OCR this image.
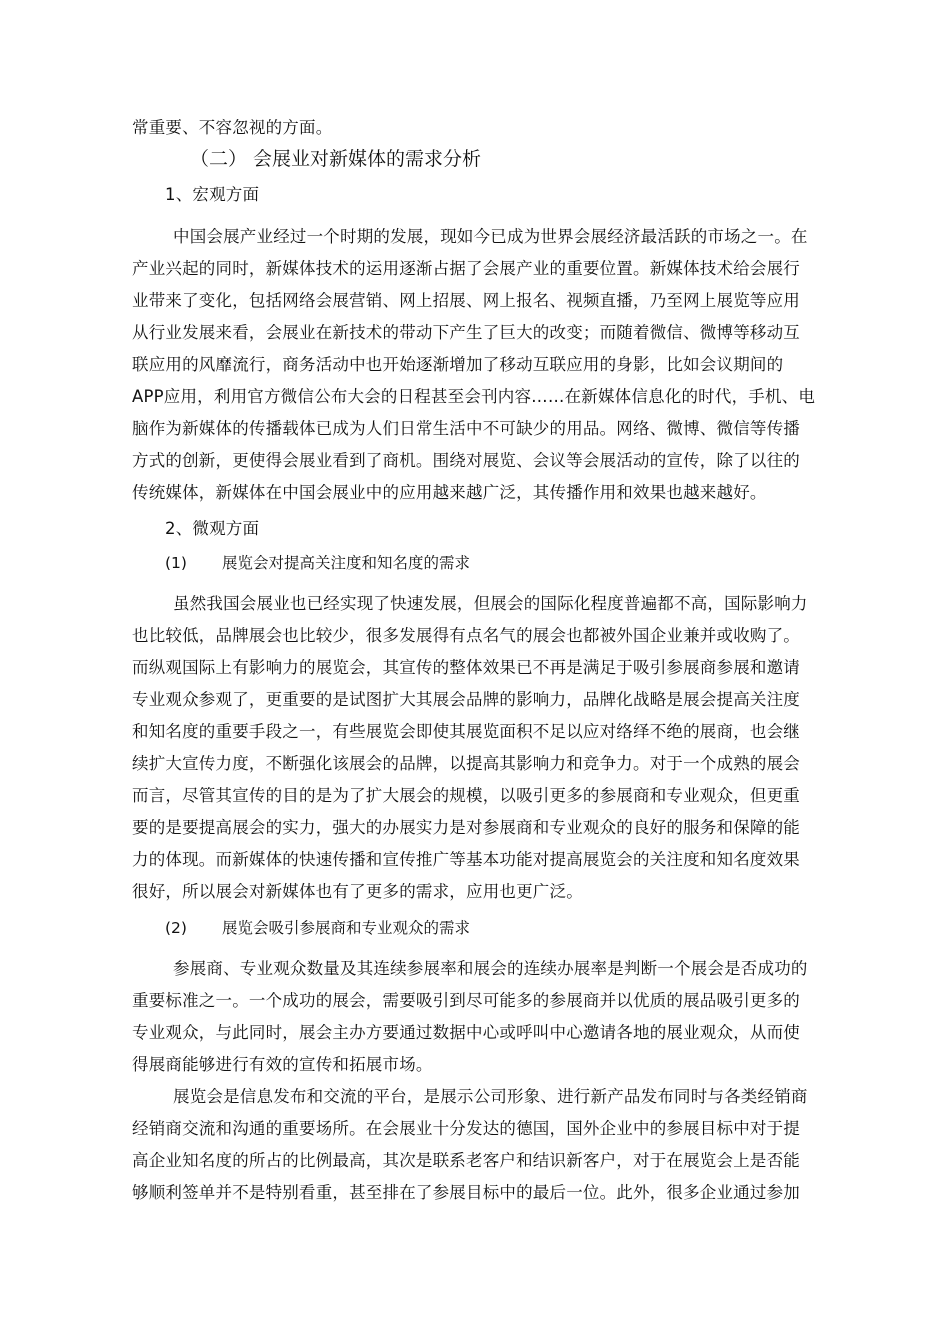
常重要、不容忽视的方面。
（二） 会展业对新媒体的需求分析
1、宏观方面
中国会展产业经过一个时期的发展，现如今已成为世界会展经济最活跃的市场之一。在
产业兴起的同时，新媒体技术的运用逐渐占据了会展产业的重要位置。新媒体技术给会展行
业带来了变化，包括网络会展营销、网上招展、网上报名、视频直播，乃至网上展览等应用
从行业发展来看，会展业在新技术的带动下产生了巨大的改变；而随着微信、微博等移动互
联应用的风靡流行，商务活动中也开始逐渐增加了移动互联应用的身影，比如会议期间的
APP应用，利用官方微信公布大会的日程甚至会刊内容……在新媒体信息化的时代，手机、电
脑作为新媒体的传播载体已成为人们日常生活中不可缺少的用品。网络、微博、微信等传播
方式的创新，更使得会展业看到了商机。围绕对展览、会议等会展活动的宣传，除了以往的
传统媒体，新媒体在中国会展业中的应用越来越广泛，其传播作用和效果也越来越好。
2、微观方面
(1) 展览会对提高关注度和知名度的需求
虽然我国会展业也已经实现了快速发展，但展会的国际化程度普遍都不高，国际影响力
也比较低，品牌展会也比较少，很多发展得有点名气的展会也都被外国企业兼并或收购了。
而纵观国际上有影响力的展览会，其宣传的整体效果已不再是满足于吸引参展商参展和邀请
专业观众参观了，更重要的是试图扩大其展会品牌的影响力，品牌化战略是展会提高关注度
和知名度的重要手段之一，有些展览会即使其展览面积不足以应对络绎不绝的展商，也会继
续扩大宣传力度，不断强化该展会的品牌，以提高其影响力和竞争力。对于一个成熟的展会
而言，尽管其宣传的目的是为了扩大展会的规模，以吸引更多的参展商和专业观众，但更重
要的是要提高展会的实力，强大的办展实力是对参展商和专业观众的良好的服务和保障的能
力的体现。而新媒体的快速传播和宣传推广等基本功能对提高展览会的关注度和知名度效果
很好，所以展会对新媒体也有了更多的需求，应用也更广泛。
(2) 展览会吸引参展商和专业观众的需求
参展商、专业观众数量及其连续参展率和展会的连续办展率是判断一个展会是否成功的
重要标准之一。一个成功的展会，需要吸引到尽可能多的参展商并以优质的展品吸引更多的
专业观众，与此同时，展会主办方要通过数据中心或呼叫中心邀请各地的展业观众，从而使
得展商能够进行有效的宣传和拓展市场。
展览会是信息发布和交流的平台，是展示公司形象、进行新产品发布同时与各类经销商
经销商交流和沟通的重要场所。在会展业十分发达的德国，国外企业中的参展目标中对于提
高企业知名度的所占的比例最高，其次是联系老客户和结识新客户，对于在展览会上是否能
够顺利签单并不是特别看重，甚至排在了参展目标中的最后一位。此外，很多企业通过参加
